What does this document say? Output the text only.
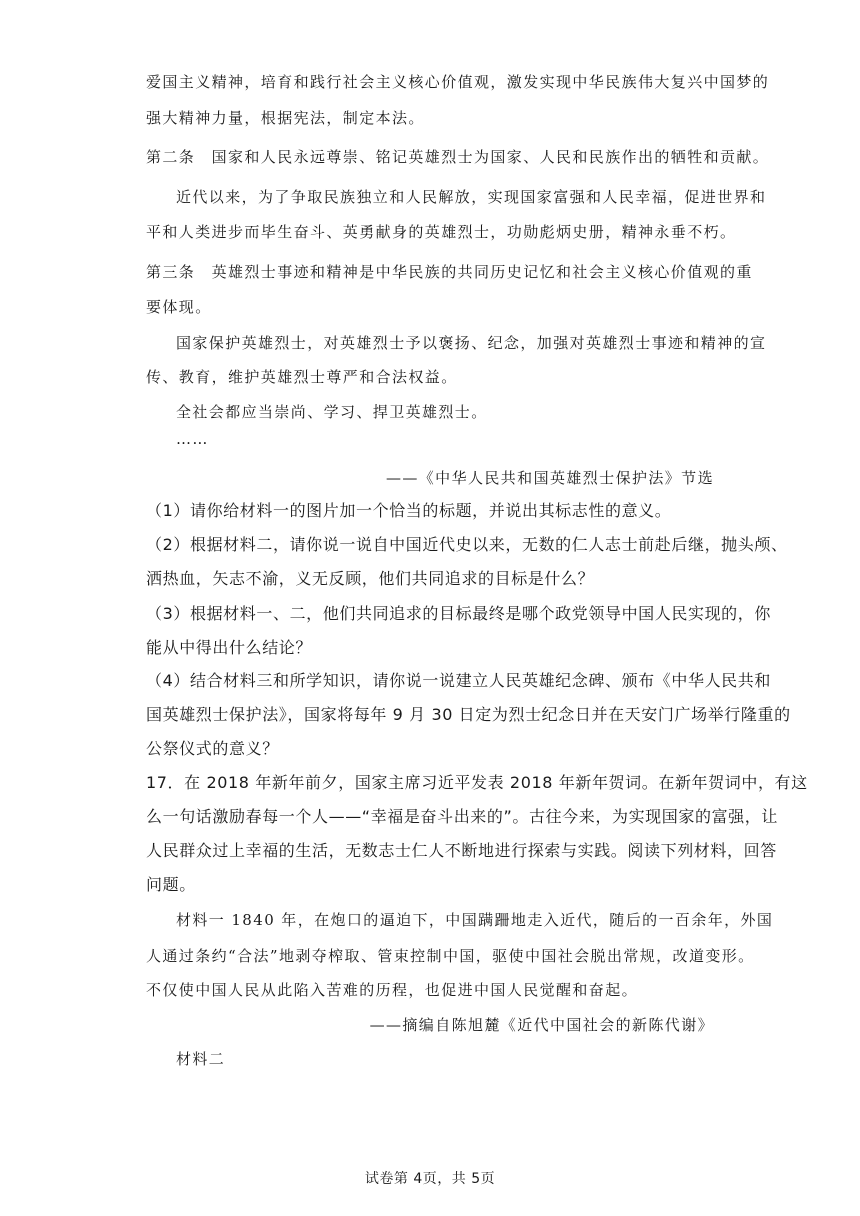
爱国主义精神，培育和践行社会主义核心价值观，激发实现中华民族伟大复兴中国梦的

强大精神力量，根据宪法，制定本法。

第二条　国家和人民永远尊崇、铭记英雄烈士为国家、人民和民族作出的牺牲和贡献。

近代以来，为了争取民族独立和人民解放，实现国家富强和人民幸福，促进世界和

平和人类进步而毕生奋斗、英勇献身的英雄烈士，功勋彪炳史册，精神永垂不朽。

第三条　英雄烈士事迹和精神是中华民族的共同历史记忆和社会主义核心价值观的重

要体现。

国家保护英雄烈士，对英雄烈士予以褒扬、纪念，加强对英雄烈士事迹和精神的宣

传、教育，维护英雄烈士尊严和合法权益。

全社会都应当崇尚、学习、捍卫英雄烈士。

……

——《中华人民共和国英雄烈士保护法》节选

（1）请你给材料一的图片加一个恰当的标题，并说出其标志性的意义。

（2）根据材料二，请你说一说自中国近代史以来，无数的仁人志士前赴后继，抛头颅、

洒热血，矢志不渝，义无反顾，他们共同追求的目标是什么？

（3）根据材料一、二，他们共同追求的目标最终是哪个政党领导中国人民实现的，你

能从中得出什么结论？

（4）结合材料三和所学知识，请你说一说建立人民英雄纪念碑、颁布《中华人民共和

国英雄烈士保护法》，国家将每年 9 月 30 日定为烈士纪念日并在天安门广场举行隆重的

公祭仪式的意义？

17．在 2018 年新年前夕，国家主席习近平发表 2018 年新年贺词。在新年贺词中，有这

么一句话激励春每一个人——“幸福是奋斗出来的”。古往今来，为实现国家的富强，让

人民群众过上幸福的生活，无数志士仁人不断地进行探索与实践。阅读下列材料，回答

问题。

材料一 1840 年，在炮口的逼迫下，中国蹒跚地走入近代，随后的一百余年，外国

人通过条约“合法”地剥夺榨取、管束控制中国，驱使中国社会脱出常规，改道变形。

不仅使中国人民从此陷入苦难的历程，也促进中国人民觉醒和奋起。

——摘编自陈旭麓《近代中国社会的新陈代谢》

材料二

试卷第 4页，共 5页
